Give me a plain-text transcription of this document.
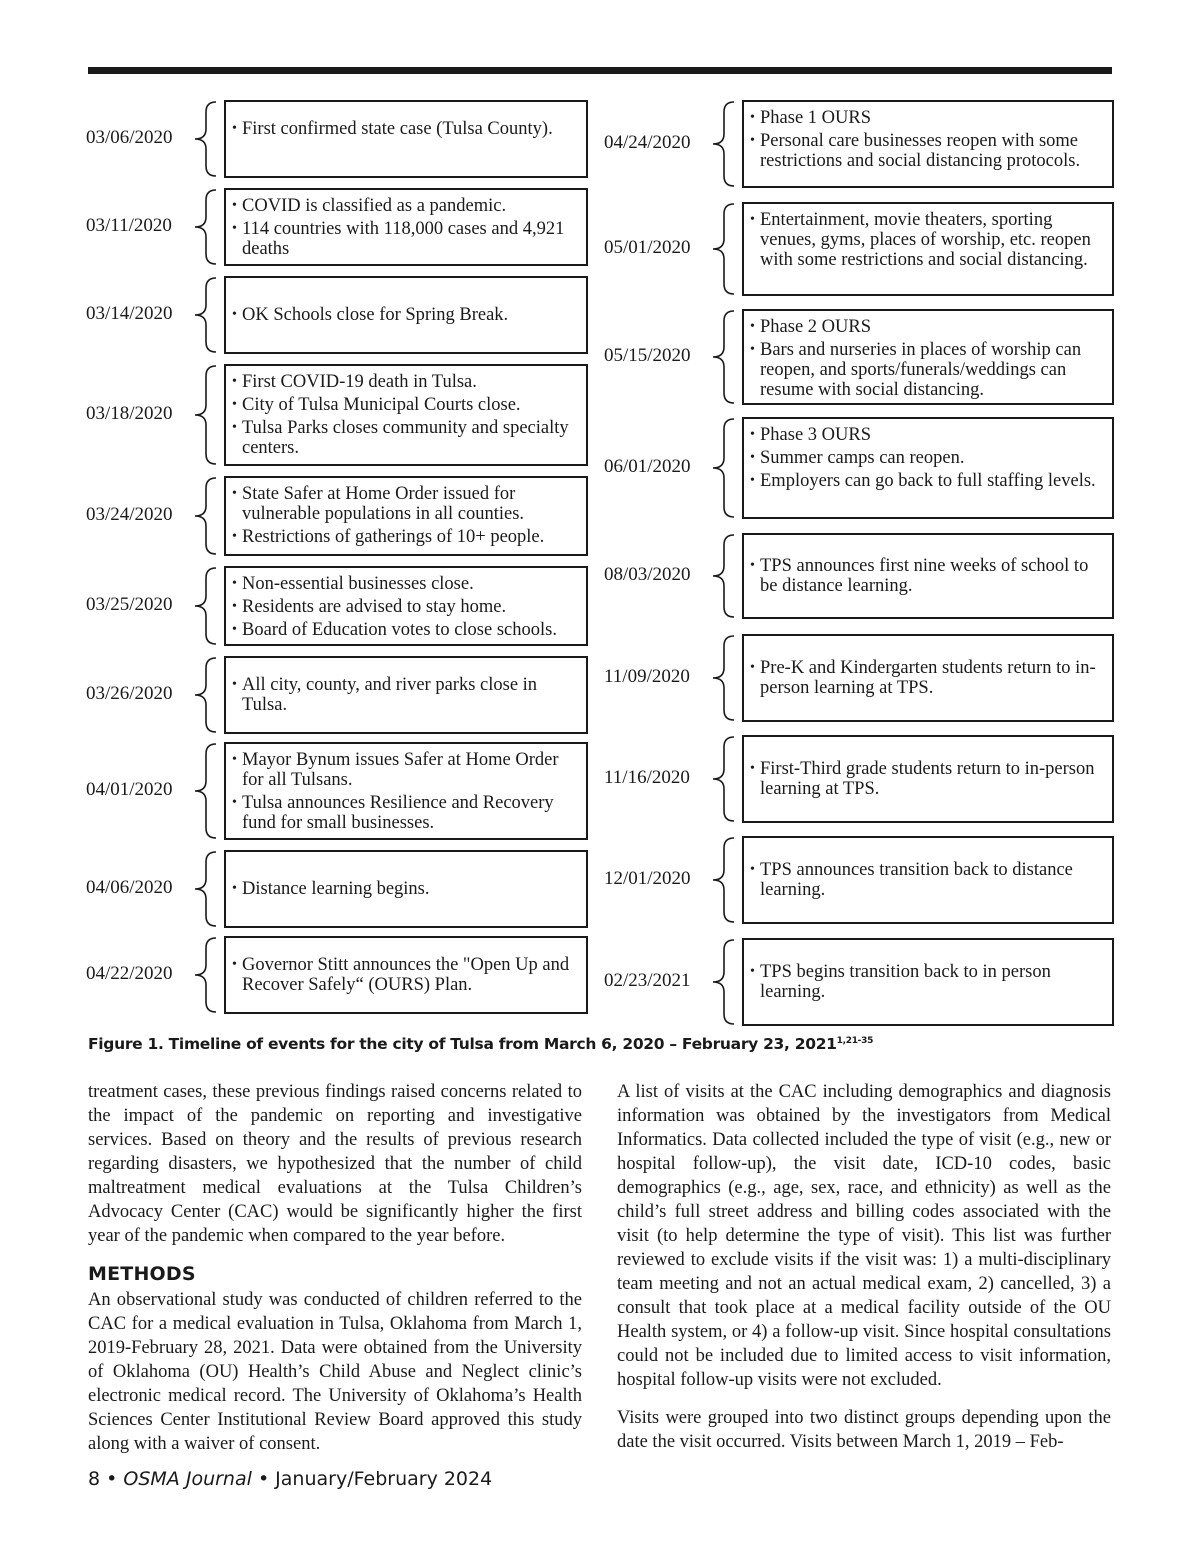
03/06/2020	• First confirmed state case (Tulsa County).
03/11/2020
• COVID is classified as a pandemic.
• 114 countries with 118,000 cases and 4,921 deaths
03/14/2020	• OK Schools close for Spring Break.
03/18/2020
• First COVID-19 death in Tulsa.
• City of Tulsa Municipal Courts close.
• Tulsa Parks closes community and specialty centers.
03/24/2020
• State Safer at Home Order issued for vulnerable populations in all counties.
• Restrictions of gatherings of 10+ people.
03/25/2020
• Non-essential businesses close.
• Residents are advised to stay home.
• Board of Education votes to close schools.
03/26/2020	• All city, county, and river parks close in Tulsa.
04/01/2020
• Mayor Bynum issues Safer at Home Order for all Tulsans.
• Tulsa announces Resilience and Recovery fund for small businesses.
04/06/2020	• Distance learning begins.
04/22/2020	• Governor Stitt announces the "Open Up and Recover Safely“ (OURS) Plan.
04/24/2020
• Phase 1 OURS
• Personal care businesses reopen with some restrictions and social distancing protocols.
05/01/2020
• Entertainment, movie theaters, sporting venues, gyms, places of worship, etc. reopen with some restrictions and social distancing.
05/15/2020
• Phase 2 OURS
• Bars and nurseries in places of worship can reopen, and sports/funerals/weddings can resume with social distancing.
06/01/2020
• Phase 3 OURS
• Summer camps can reopen.
• Employers can go back to full staffing levels.
08/03/2020	• TPS announces first nine weeks of school to be distance learning.
11/09/2020	• Pre-K and Kindergarten students return to in-person learning at TPS.
11/16/2020	• First-Third grade students return to in-person learning at TPS.
12/01/2020	• TPS announces transition back to distance learning.
02/23/2021	• TPS begins transition back to in person learning.
Figure 1. Timeline of events for the city of Tulsa from March 6, 2020 – February 23, 2021$^{1,21-35}$

treatment cases, these previous findings raised concerns related to the impact of the pandemic on reporting and investigative services. Based on theory and the results of previous research regarding disasters, we hypothesized that the number of child maltreatment medical evaluations at the Tulsa Children’s Advocacy Center (CAC) would be significantly higher the first year of the pandemic when compared to the year before.

METHODS

An observational study was conducted of children referred to the CAC for a medical evaluation in Tulsa, Oklahoma from March 1, 2019-February 28, 2021. Data were obtained from the University of Oklahoma (OU) Health’s Child Abuse and Neglect clinic’s electronic medical record. The University of Oklahoma’s Health Sciences Center Institutional Review Board approved this study along with a waiver of consent.

A list of visits at the CAC including demographics and diagnosis information was obtained by the investigators from Medical Informatics. Data collected included the type of visit (e.g., new or hospital follow-up), the visit date, ICD-10 codes, basic demographics (e.g., age, sex, race, and ethnicity) as well as the child’s full street address and billing codes associated with the visit (to help determine the type of visit). This list was further reviewed to exclude visits if the visit was: 1) a multi-disciplinary team meeting and not an actual medical exam, 2) cancelled, 3) a consult that took place at a medical facility outside of the OU Health system, or 4) a follow-up visit. Since hospital consultations could not be included due to limited access to visit information, hospital follow-up visits were not excluded.

Visits were grouped into two distinct groups depending upon the date the visit occurred. Visits between March 1, 2019 – Feb-

8 • OSMA Journal • January/February 2024
